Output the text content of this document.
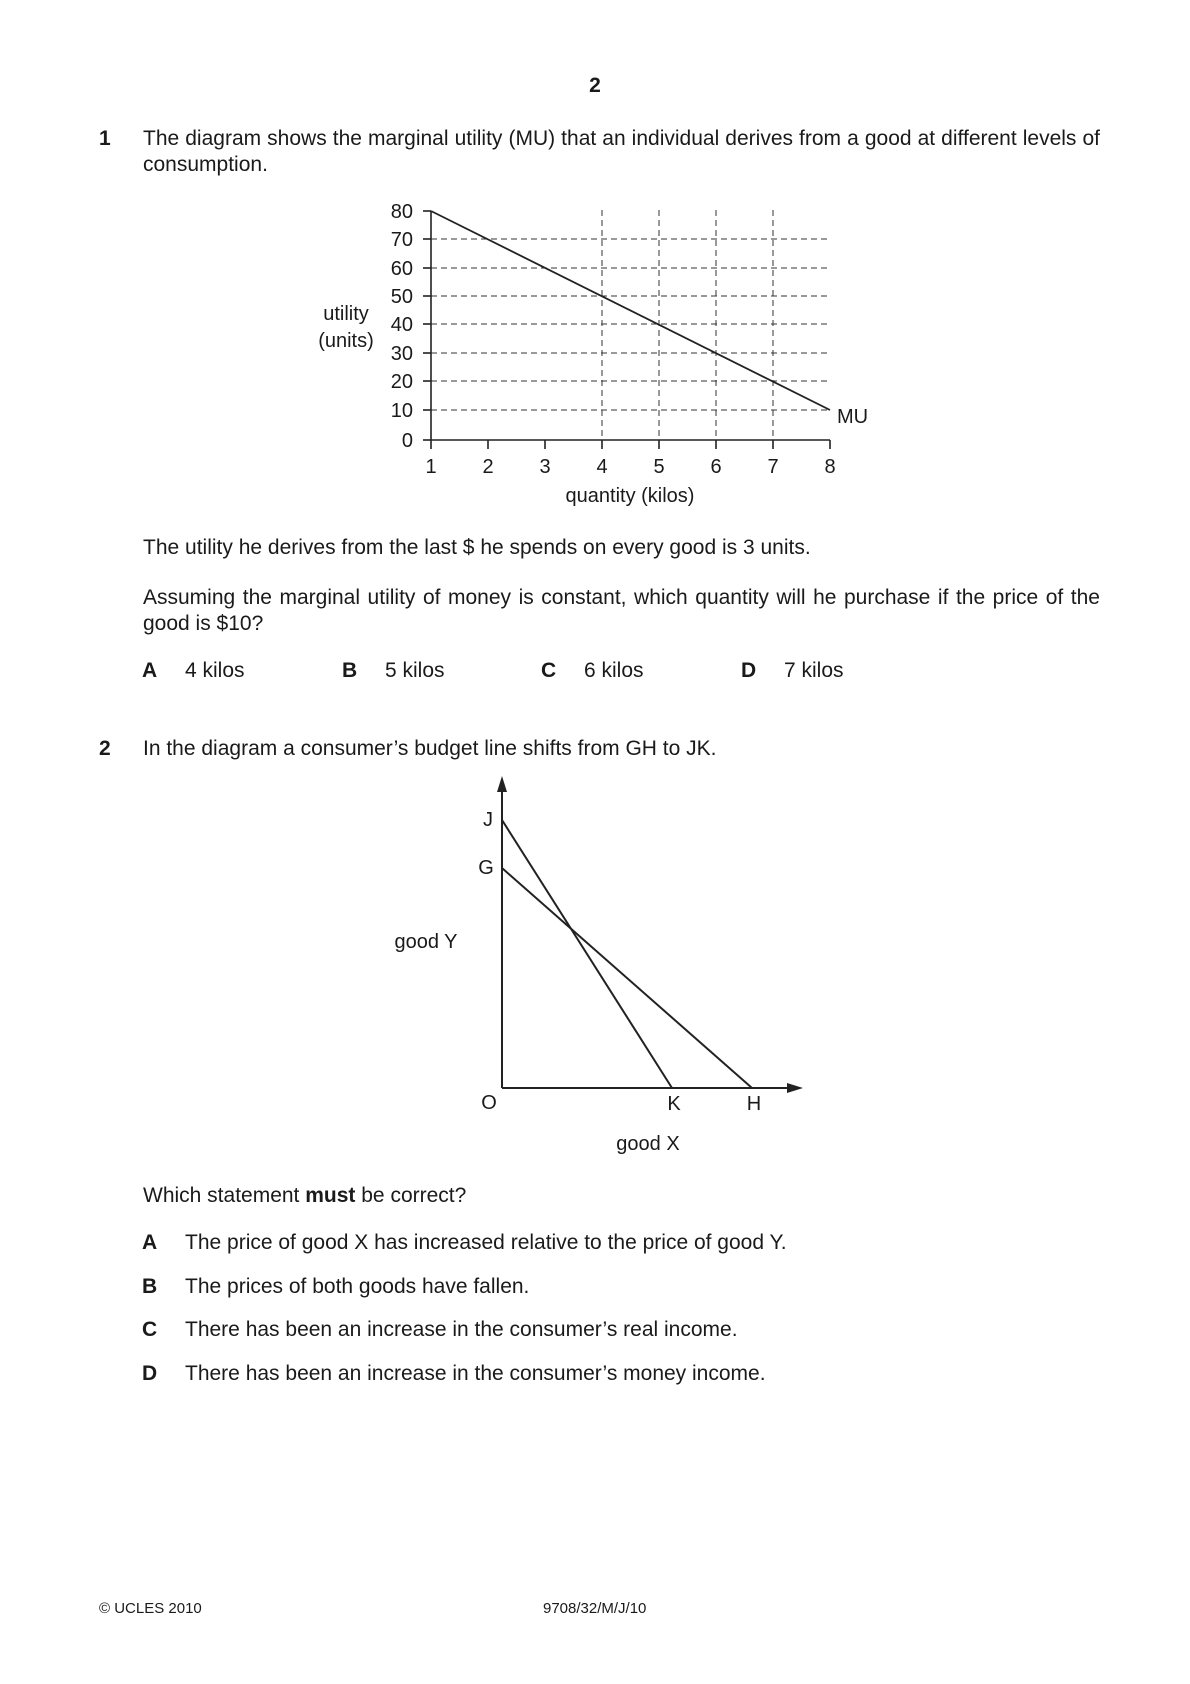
2
1 The diagram shows the marginal utility (MU) that an individual derives from a good at different levels of consumption.
80
70
60
50
40
30
20
10
0
1 2 3 4 5 6 7 8
utility
(units)
quantity (kilos)
MU
The utility he derives from the last $ he spends on every good is 3 units.
Assuming the marginal utility of money is constant, which quantity will he purchase if the price of the good is $10?
A 4 kilos	B 5 kilos	C 6 kilos	D 7 kilos
2 In the diagram a consumer’s budget line shifts from GH to JK.
J
G
good Y
O	K	H
good X
Which statement must be correct?
A The price of good X has increased relative to the price of good Y.
B The prices of both goods have fallen.
C There has been an increase in the consumer’s real income.
D There has been an increase in the consumer’s money income.
© UCLES 2010	9708/32/M/J/10
